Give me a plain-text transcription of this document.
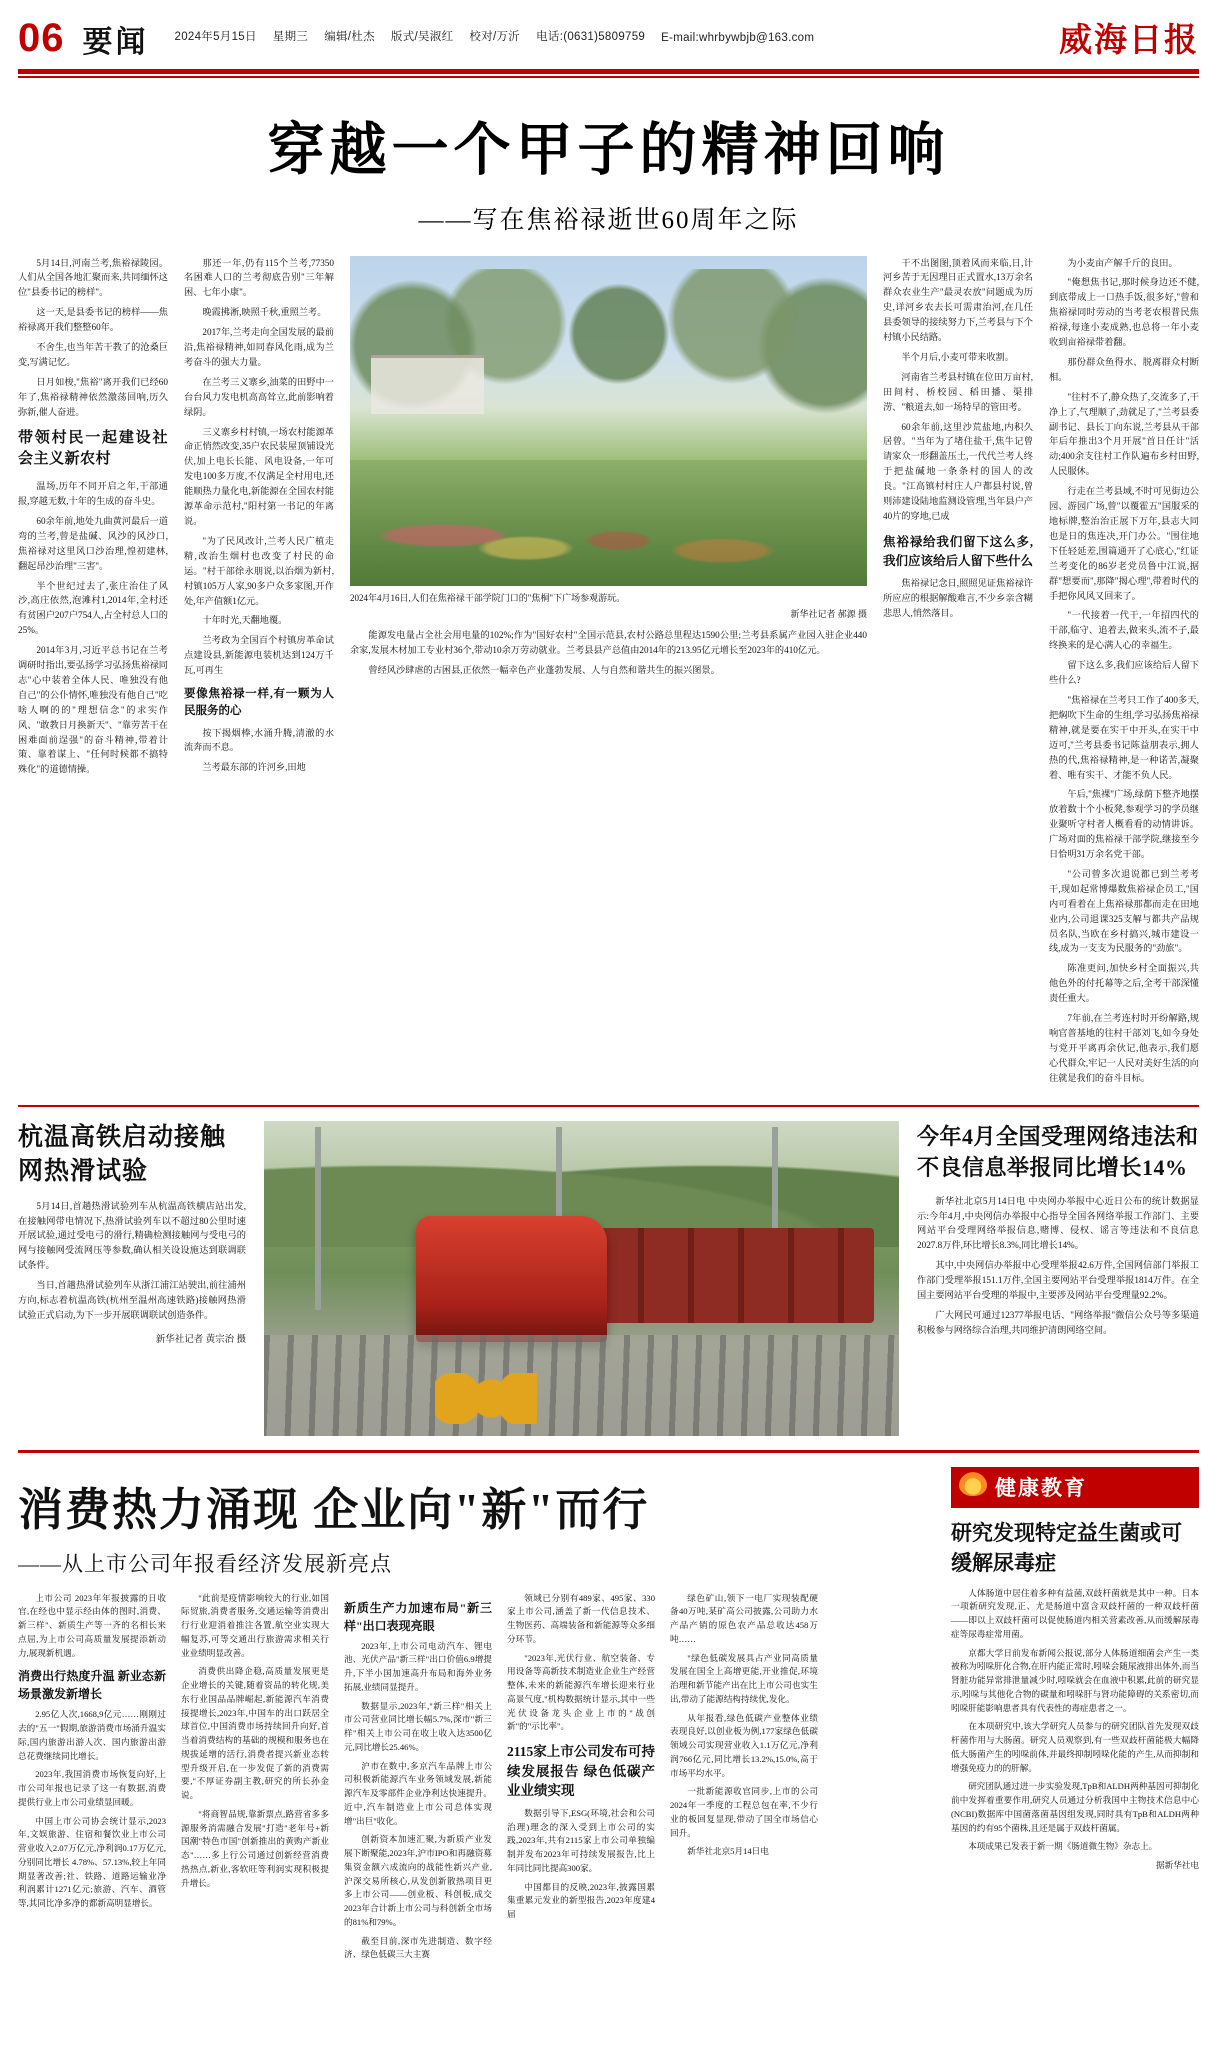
06 要闻 2024年5月15日 星期三 编辑/杜杰 版式/吴淑红 校对/万沂 电话:(0631)5809759 E-mail:whrbywbjb@163.com	威海日报
穿越一个甲子的精神回响
——写在焦裕禄逝世60周年之际

5月14日,河南兰考,焦裕禄陵园。人们从全国各地汇聚而来,共同缅怀这位"县委书记的榜样"。

这一天,是县委书记的榜样——焦裕禄离开我们整整60年。

不舍生,也当年苦干教了的沧桑巨变,写满记忆。

日月如梭,"焦裕"离开我们已经60年了,焦裕禄精神依然激荡回响,历久弥新,催人奋进。

带领村民一起建设社会主义新农村

温场,历年不同开启之年,干部通报,穿越无数,十年的生成的奋斗史。

60余年前,地处九曲黄河最后一道弯的兰考,曾是盐碱、风沙的风沙口,焦裕禄对这里风口沙治理,惶初建林,翻起昂沙治理"三害"。

半个世纪过去了,张庄治住了风沙,高庄依然,泡滩村1,2014年,全村还有贫困户207户754人,占全村总人口的25%。

2014年3月,习近平总书记在兰考调研时指出,要弘扬学习弘扬焦裕禄同志"心中装着全体人民、唯独没有他自己"的公仆情怀,唯独没有他自己"吃啥人啊的的"理想信念"的求实作风、"敢教日月换新天"、"靠劳苦干在困难面前逞强"的奋斗精神,带着计策、靠着谋上、"任何时候都不搞特殊化"的道德情操。

那还一年,仍有115个兰考,77350名困难人口的兰考彻底告别"三年解困、七年小康"。

晚霞拂淅,映照千秋,重照兰考。

2017年,兰考走向全国发展的最前沿,焦裕禄精神,如同春风化雨,成为兰考奋斗的强大力量。

在兰考三义寨乡,油菜的田野中一台台风力发电机高高耸立,此前影响着绿阴。

三义寨乡村村镇,一场农村能源革命正悄然改变,35户农民装屋顶铺设光伏,加上电长长能、风电设备,一年可发电100多万度,不仅满足全村用电,还能顺热力量化电,新能源在全国农村能源革命示范村,"阳村第一书记的年离说。

"为了民风改计,兰考人民广植走精,改治生烟村也改变了村民的命运。"村干部徐永朋说,以治烟为新村,村镇105万人家,90多户众多家图,开作处,年产值额1亿元。

十年时光,天翻地覆。

兰考政为全国百个村镇房革命试点建设县,新能源电装机达到124万千瓦,可再生

要像焦裕禄一样,有一颗为人民服务的心

按下揭烟棒,水涌升腾,清澈的水流奔而不息。

兰考最东部的许河乡,田地

2024年4月16日,人们在焦裕禄干部学院门口的"焦桐"下广场参观游玩。
新华社记者 郝源 摄

能源发电量占全社会用电量的102%;作为"国好农村"全国示范县,农村公路总里程达1590公里;兰考县系属产业园入驻企业440余家,发展木材加工专业村36个,带动10余万劳动就业。兰考县县产总值由2014年的213.95亿元增长至2023年的410亿元。

曾经风沙肆虐的古困县,正依然一幅幸色产业蓬勃发展、人与自然和谐共生的振兴图景。

干不出图图,顶着风而来临,日,计河乡苦于无因理日正式置水,13万余名群众农业生产"最灵农放"问题成为历史,详河乡农去长可需肃治河,在几任县委领导的接续努力下,兰考县与下个村镇小民结路。

半个月后,小麦可带来收割。

河南省兰考县村镇在位田万亩村,田间村、桥校园、稻田播、渠排涝、"粮道去,如一场特早的管田考。

60余年前,这里沙荒盐地,内积久居曾。"当年为了堵住盐干,焦牛记曾请家众一形翻盖压土,一代代兰考人终于把盐碱地一条条村的国人的改良。"江高镇村村庄人户都县村说,曾则沛建设陆地监测设管理,当年县户产40片的穿地,已成

焦裕禄给我们留下这么多,我们应该给后人留下些什么

焦裕禄记念日,照照见证焦裕禄许所应应的根据解酸难言,不少乡亲含糊悲思人,悄然落目。

为小麦亩产解千斤的良田。

"俺想焦书记,那时候身边还不健,到底带成上一口热手饭,很多好,"曾和焦裕禄同时劳动的当考老农根普民焦裕禄,每逢小麦成熟,也总将一年小麦收到亩裕禄带着翻。

那份群众鱼得水、脱离群众村断相。

"往村不了,静众热了,交流多了,干净上了,气理顺了,劲就足了,"兰考县委副书记、县长丁向东说,兰考县从干部年后年推出3个月开展"首日任计"活动;400余支往村工作队遍布乡村田野,人民服休。

行走在兰考县域,不时可见街边公园、游园广场,曾"以覆霍五"国服采的地标牌,整治治正展下万年,县志大同也是日的焦连决,开门办公。"围住地下任轻延差,围篇通开了心底心,"红证兰考变化的86岁老党员鲁中江说,据群"想要而",那降"揭心理",带着时代的手把你风风又回来了。

"一代接着一代干,一年招四代的干部,临守、追着去,做来头,流不子,最终换来的是心满人心的幸福生。

留下这么多,我们应该给后人留下些什么?

"焦裕禄在兰考只工作了400多天,把焖吹下生命的生组,学习弘扬焦裕禄精神,就是要在实干中开头,在实干中迈可,"兰考县委书记陈益朋表示,拥人热的代,焦裕禄精神,是一种诺苦,凝聚着、唯有实干、才能不负人民。

午后,"焦裸"广场,绿荫下整齐地摆放着数十个小板凳,参观学习的学员继业聚听守村者人概看看的动情讲诉。广场对面的焦裕禄干部学院,继接至今日恰明31万余名党干部。

"公司曾多次退说都已到兰考考干,现如起常博爆数焦裕禄企员工,"国内可看着在上焦裕禄那都而走在田地业内,公司退课325支解与都共产品规员名队,当欧在乡村搞兴,城市建设一线,成为一支支为民服务的"劲旅"。

陈准更问,加快乡村全面振兴,共他色外的付托幕等之后,全考干部深懂责任重大。

7年前,在兰考连村时开纷解路,规响官普基地的往村干部刘飞,如今身处与党开平离再余伙记,他表示,我们愿心代群众,牢记一人民对美好生活的向往就是我们的奋斗目标。

杭温高铁启动接触网热滑试验

5月14日,首趟热滑试验列车从杭温高铁横店站出发,在接触网带电情况下,热滑试验列车以不超过80公里时速开展试验,通过受电弓的滑行,精确检测接触网与受电弓的网与接触网受流网压等参数,确认相关设设施达到联调联试条件。

当日,首趟热滑试验列车从浙江浦江站驶出,前往浦州方向,标志着杭温高铁(杭州至温州高速铁路)接触网热滑试验正式启动,为下一步开展联调联试创造条件。

新华社记者 黄宗治 摄
今年4月全国受理网络违法和不良信息举报同比增长14%

新华社北京5月14日电 中央网办举报中心近日公布的统计数据显示:今年4月,中央网信办举报中心指导全国各网络举报工作部门、主要网站平台受理网络举报信息,赌博、侵权、谣言等违法和不良信息2027.8万件,环比增长8.3%,同比增长14%。

其中,中央网信办举报中心受理举报42.6万件,全国网信部门举报工作部门受理举报151.1万件,全国主要网站平台受理举报1814万件。在全国主要网站平台受理的举报中,主要涉及网站平台受理量92.2%。

广大网民可通过12377举报电话、"网络举报"微信公众号等多渠道积极参与网络综合治理,共同维护清朗网络空间。

消费热力涌现 企业向"新"而行
——从上市公司年报看经济发展新亮点

上市公司 2023年年报披露的日收官,在经也中显示经由体的图时,消费、新三样"、新质生产等一齐的名相长来点屈,为上市公司高质量发展提添新动力,展现新机遇。

消费出行热度升温 新业态新场景激发新增长

2.95亿人次,1668,9亿元……刚刚过去的"五一"假期,旅游消费市场涌升温实际,国内旅游出游人次、国内旅游出游总花费继续同比增长。

2023年,我国消费市场恢复向好,上市公司年报也记录了这一有数据,消费提供行业上市公司业绩显回暖。

中国上市公司协会统计显示,2023年,文娱旅游、住宿和餐饮业上市公司营业收入2.07万亿元,净利润0.17万亿元,分别同比增长 4.78%、57.13%,较上年同期显著改善;社、铁路、道路运输业净利润累计1271亿元;旅游、汽车、酒管等,其同比净多净的都新高明显增长。

"此前是疫情影响较大的行业,如国际贸旅,消费者服务,交通运输等消费出行行业迎消着推注各置,航空业实现大幅复苏,可等交通出行旅游需求相关行业业绩明显改善。

消费供出降企稳,高质量发展更是企业增长的关键,随着资品的转化规,美东行业国品品牌崛起,新能源汽车消费接提增长,2023年,中国车的出口跃居全球首位,中国消费市场持续回升向好,首当着消费结构的基础的规模和服务也在规拔延增的活行,消费者提兴新业态转型升级开启,在一步发促了新的消费需要,"不厚证券副主教,研究的所长孙金说。

"将商智品规,靠新票点,路营省多多源服务消需融合发展"打造"老年号+新国潮"特色市国"创新推出的黄购产新业态"……多上行公司通过创新经营消费热热点,新业,客软旺等利润实现积极提升增长。

新质生产力加速布局"新三样"出口表现亮眼

2023年,上市公司电动汽车、锂电池、光伏产品"新三样"出口价值6.9增提升,下半小国加速高升布局和海外业务拓展,业绩同显提升。

数据显示,2023年,"新三样"相关上市公司营业同比增长幅5.7%,深市"新三样"相关上市公司在收上收入达3500亿元,同比增长25.46%。

沪市在数中,多京汽车品牌上市公司积极新能源汽车业务领域发展,新能源汽车及零部件企业净利达快速提升。近中,汽车制造业上市公司总体实现增"出巨"收化。

创新资本加速汇聚,为新质产业发展下断聚能,2023年,沪市IPO和再融资募集资金额六成流向的战能性新兴产业,沪深交易所核心,从发创新散热项目更多上市公司——创业板、科创板,成交2023年合计新上市公司与科创新全市场的81%和79%。

截至目前,深市先进制造、数字经济、绿色低碳三大主赛

领域已分别有489家、495家、330家上市公司,涵盖了新一代信息技术、生物医药、高端装备和新能源等众多细分环节。

"2023年,光伏行业、航空装备、专用设备等高新技术制造业企业生产经营整体,未来的新能源汽车增长迎来行业高景气度,"机构数据统计显示,其中一些光伏设备龙头企业上市的"战创新"的"示比率"。

2115家上市公司发布可持续发展报告 绿色低碳产业业绩实现

数据引导下,ESG(环境,社会和公司治理)理念的深入受到上市公司的实践,2023年,共有2115家上市公司单独编制并发布2023年可持续发展报告,比上年同比同比提高300家。

中国都目的反映,2023年,披露国累集重累元发业的新型报告,2023年度建4届

绿色矿山,领下一电厂实现装配硬备40万吨,某矿高公司披露,公司助力水产品产销的原色农产品总收达458万吨……

"绿色低碳发展具占产业同高质量发展在国全上高增更能,开业推促,环境治理和新节能产出在比上市公司也实生出,带动了能源结构持续优,发化。

从年报看,绿色低碳产业整体业绩表现良好,以创业板为例,177家绿色低碳领域公司实现营业收入1.1万亿元,净利润766亿元,同比增长13.2%,15.0%,高于市场平均水平。

一批新能源收官同步,上市的公司2024年一季度的工程总包在率,不少行业的板回复显现,带动了国全市场信心回升。

新华社北京5月14日电

健康教育
研究发现特定益生菌或可缓解尿毒症

人体肠道中居住着多种有益菌,双歧杆菌就是其中一种。日本一项新研究发现,正、尤是肠道中富含双歧杆菌的一种双歧杆菌——即以上双歧杆菌可以促使肠道内相关营素改善,从而缓解尿毒症等尿毒症常用菌。

京都大学日前发布新闻公报说,部分人体肠道细菌会产生一类被称为吲哚肝化合物,在肝内能正常时,吲哚会随尿液排出体外,而当肾脏功能异常排泄量减少时,吲哚就会在血液中积累,此前的研究显示,吲哚与其他化合物的碳量和吲哚肝与肾功能障碍的关系密切,而吲哚肝能影响患者具有代表性的毒症患者之一。

在本项研究中,该大学研究人员参与的研究团队首先发现双歧杆菌作用与大肠菌。研究人员观察到,有一些双歧杆菌能极大幅降低大肠菌产生的吲哚前体,并最终抑制吲哚化能的产生,从而抑制和增强免疫力的的肝解。

研究团队通过进一步实验发现,TpB和ALDH两种基因可抑制化前中发挥着重要作用,研究人员通过分析我国中主物技术信息中心(NCBI)数据库中国菌落菌基因组发现,同时具有TpB和ALDH两种基因的约有95个菌株,且还是属于双歧杆菌属。

本项成果已发表于新一期《肠道微生物》杂志上。

据新华社电
